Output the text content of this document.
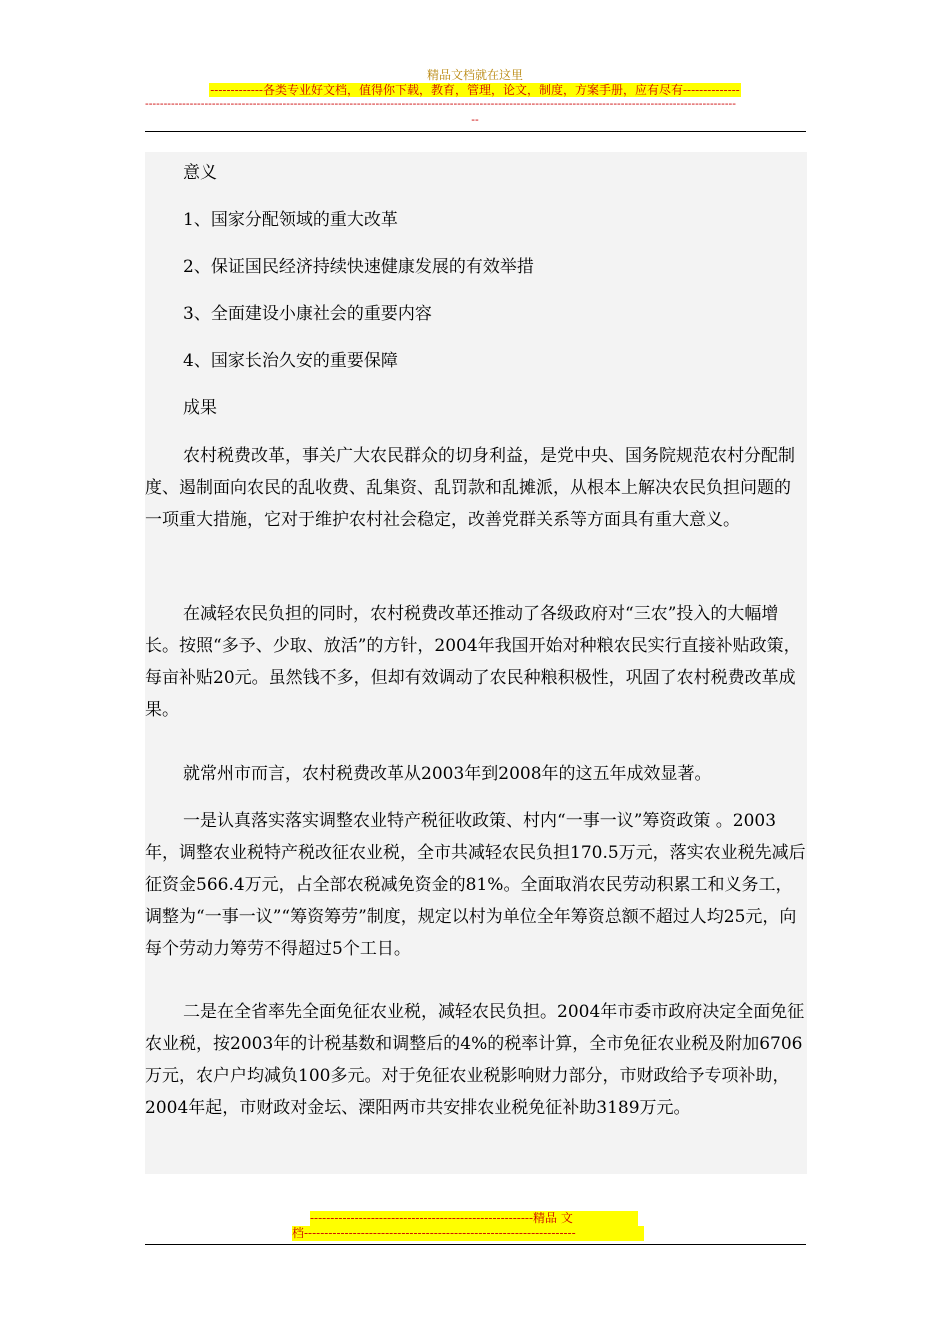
精品文档就在这里
-------------各类专业好文档，值得你下载，教育，管理，论文，制度，方案手册，应有尽有--------------
---------------------------------------------------------------------------------------------------------------------------------------------------------------
--

意义

1、国家分配领域的重大改革

2、保证国民经济持续快速健康发展的有效举措

3、全面建设小康社会的重要内容

4、国家长治久安的重要保障

成果

农村税费改革，事关广大农民群众的切身利益，是党中央、国务院规范农村分配制度、遏制面向农民的乱收费、乱集资、乱罚款和乱摊派，从根本上解决农民负担问题的一项重大措施，它对于维护农村社会稳定，改善党群关系等方面具有重大意义。

在减轻农民负担的同时，农村税费改革还推动了各级政府对“三农”投入的大幅增长。按照“多予、少取、放活”的方针，2004年我国开始对种粮农民实行直接补贴政策，每亩补贴20元。虽然钱不多，但却有效调动了农民种粮积极性，巩固了农村税费改革成果。

就常州市而言，农村税费改革从2003年到2008年的这五年成效显著。

一是认真落实落实调整农业特产税征收政策、村内“一事一议”筹资政策 。2003年，调整农业税特产税改征农业税，全市共减轻农民负担170.5万元，落实农业税先减后征资金566.4万元，占全部农税减免资金的81%。全面取消农民劳动积累工和义务工，调整为“一事一议”“筹资筹劳”制度，规定以村为单位全年筹资总额不超过人均25元，向每个劳动力筹劳不得超过5个工日。

二是在全省率先全面免征农业税，减轻农民负担。2004年市委市政府决定全面免征农业税，按2003年的计税基数和调整后的4%的税率计算，全市免征农业税及附加6706万元，农户户均减负100多元。对于免征农业税影响财力部分，市财政给予专项补助，2004年起，市财政对金坛、溧阳两市共安排农业税免征补助3189万元。

-------------------------------------------------------精品 文
档-------------------------------------------------------------------
